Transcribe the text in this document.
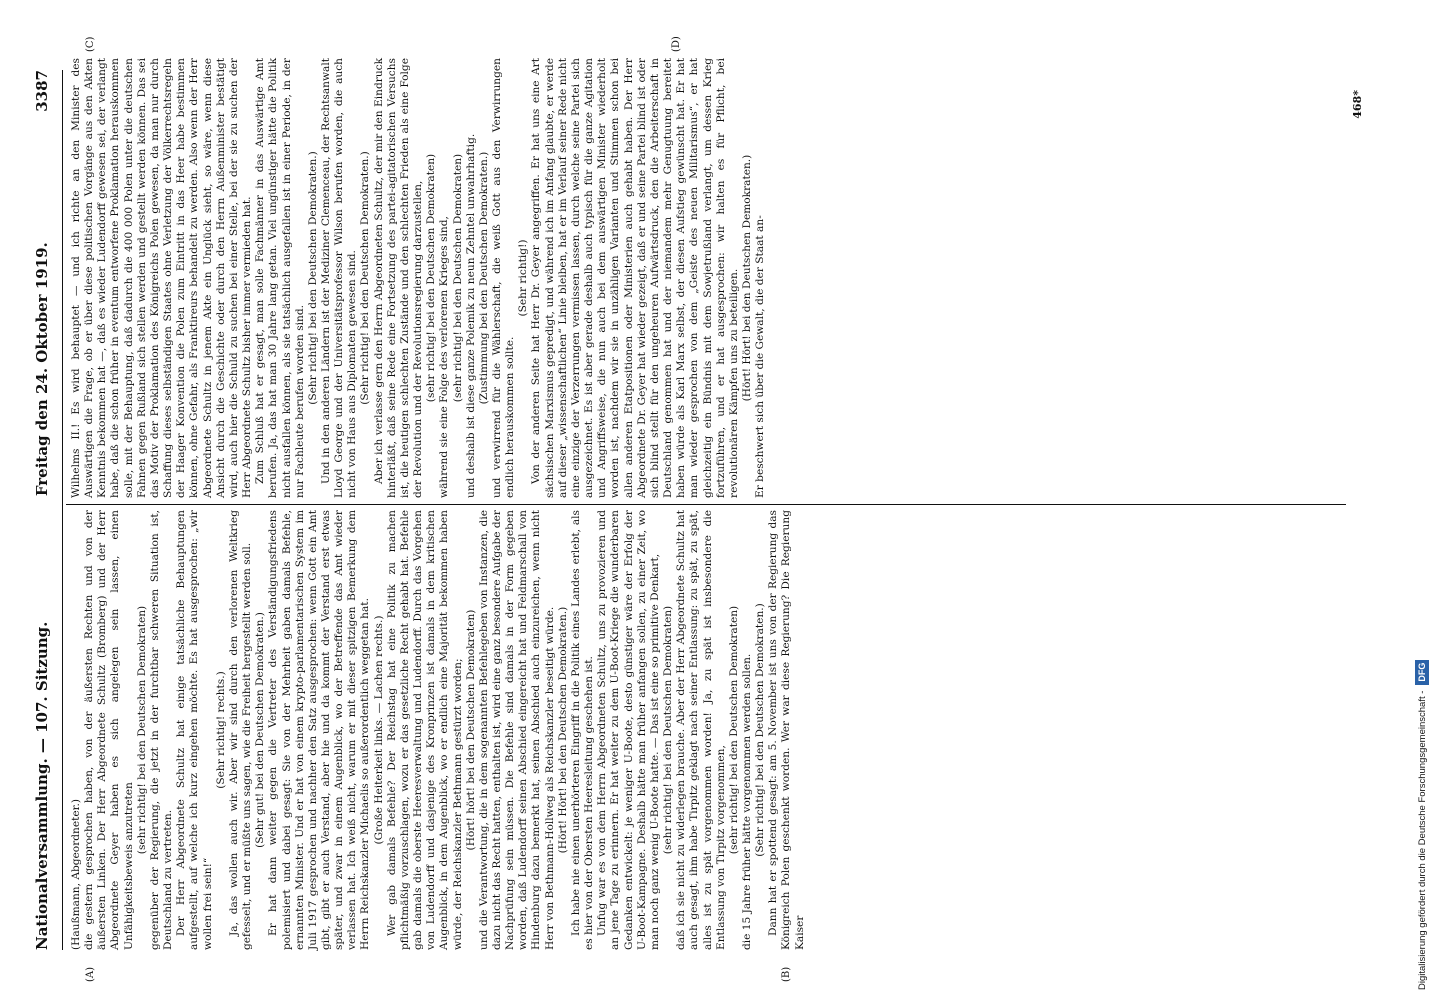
Nationalversammlung. — 107. Sitzung.
Freitag den 24. Oktober 1919.  3387
(A)	(B)
(C)	(D)

(Haußmann, Abgeordneter.) die gestern gesprochen haben, von der äußersten Rechten und von der äußersten Linken. Der Herr Abgeordnete Schultz (Bromberg) und der Herr Abgeordnete Geyer haben es sich angelegen sein lassen, einen Unfähigkeitsbeweis anzutreten

(sehr richtig! bei den Deutschen Demokraten) gegenüber der Regierung, die jetzt in der furchtbar schweren Situation ist, Deutschland zu vertreten. Der Herr Abgeordnete Schultz hat einige tatsächliche Behauptungen aufgestellt, auf welche ich kurz eingehen möchte. Es hat ausgesprochen: „wir wollen frei sein!“

(Sehr richtig! rechts.) Ja, das wollen auch wir. Aber wir sind durch den verlorenen Weltkrieg gefesselt, und er müßte uns sagen, wie die Freiheit hergestellt werden soll. (Sehr gut! bei den Deutschen Demokraten.) Er hat dann weiter gegen die Vertreter des Verständigungsfriedens polemisiert und dabei gesagt: Sie von der Mehrheit gaben damals Befehle, ernannten Minister. Und er hat von einem krypto-parlamentarischen System im Juli 1917 gesprochen und nachher den Satz ausgesprochen: wenn Gott ein Amt gibt, gibt er auch Verstand, aber hie und da kommt der Verstand erst etwas später, und zwar in einem Augenblick, wo der Betreffende das Amt wieder verlassen hat. Ich weiß nicht, warum er mit dieser spitzigen Bemerkung dem Herrn Reichskanzler Michaelis so außerordentlich weggetan hat. (Große Heiterkeit links. — Lachen rechts.) Wer gab damals Befehle? Der Reichstag hat eine Politik zu machen pflichtmäßig vorzuschlagen, wozu er das gesetzliche Recht gehabt hat. Befehle gab damals die oberste Heeresverwaltung und Ludendorff. Durch das Vorgehen von Ludendorff und dasjenige des Kronprinzen ist damals in dem kritischen Augenblick, in dem Augenblick, wo er endlich eine Majorität bekommen haben würde, der Reichskanzler Bethmann gestürzt worden; (Hört! hört! bei den Deutschen Demokraten) und die Verantwortung, die in dem sogenannten Befehlegeben von Instanzen, die dazu nicht das Recht hatten, enthalten ist, wird eine ganz besondere Aufgabe der Nachprüfung sein müssen. Die Befehle sind damals in der Form gegeben worden, daß Ludendorff seinen Abschied eingereicht hat und Feldmarschall von Hindenburg dazu bemerkt hat, seinen Abschied auch einzureichen, wenn nicht Herr von Bethmann-Hollweg als Reichskanzler beseitigt würde. (Hört! Hört! bei den Deutschen Demokraten.) Ich habe nie einen unerhörteren Eingriff in die Politik eines Landes erlebt, als es hier von der Obersten Heeresleitung geschehen ist. Unfug war es von dem Herrn Abgeordneten Schultz, uns zu provozieren und an jene Tage zu erinnern. Er hat weiter zu dem U-Boot-Kriege die wunderbaren Gedanken entwickelt: je weniger U-Boote, desto günstiger wäre der Erfolg der U-Boot-Kampagne. Deshalb hätte man früher anfangen sollen, zu einer Zeit, wo man noch ganz wenig U-Boote hatte. — Das ist eine so primitive Denkart, (sehr richtig! bei den Deutschen Demokraten) daß ich sie nicht zu widerlegen brauche. Aber der Herr Abgeordnete Schultz hat auch gesagt, ihm habe Tirpitz geklagt nach seiner Entlassung: zu spät, zu spät, alles ist zu spät vorgenommen worden! Ja, zu spät ist insbesondere die Entlassung von Tirpitz vorgenommen, (sehr richtig! bei den Deutschen Demokraten) die 15 Jahre früher hätte vorgenommen werden sollen. (Sehr richtig! bei den Deutschen Demokraten.) Dann hat er spottend gesagt: am 5. November ist uns von der Regierung das Königreich Polen geschenkt worden. Wer war diese Regierung? Die Regierung Kaiser

Wilhelms II.! Es wird behauptet — und ich richte an den Minister des Auswärtigen die Frage, ob er über diese politischen Vorgänge aus den Akten Kenntnis bekommen hat —, daß es wieder Ludendorff gewesen sei, der verlangt habe, daß die schon früher in eventum entworfene Proklamation herauskommen solle, mit der Behauptung, daß dadurch die 400 000 Polen unter die deutschen Fahnen gegen Rußland sich stellen werden und gestellt werden können. Das sei das Motiv der Proklamation des Königreichs Polen gewesen, da man nur durch Schaffung dieses selbständigen Staates ohne Verletzung der Völkerrechtsregeln der Haager Konvention die Polen zum Eintritt in das Heer habe bestimmen können, ohne Gefahr, als Franktireurs behandelt zu werden. Also wenn der Herr Abgeordnete Schultz in jenem Akte ein Unglück sieht, so wäre, wenn diese Ansicht durch die Geschichte oder durch den Herrn Außenminister bestätigt wird, auch hier die Schuld zu suchen bei einer Stelle, bei der sie zu suchen der Herr Abgeordnete Schultz bisher immer vermieden hat. Zum Schluß hat er gesagt, man solle Fachmänner in das Auswärtige Amt berufen. Ja, das hat man 30 Jahre lang getan. Viel ungünstiger hätte die Politik nicht ausfallen können, als sie tatsächlich ausgefallen ist in einer Periode, in der nur Fachleute berufen worden sind. (Sehr richtig! bei den Deutschen Demokraten.) Und in den anderen Ländern ist der Mediziner Clemenceau, der Rechtsanwalt Lloyd George und der Universitätsprofessor Wilson berufen worden, die auch nicht von Haus aus Diplomaten gewesen sind. (Sehr richtig! bei den Deutschen Demokraten.) Aber ich verlasse gern den Herrn Abgeordneten Schultz, der mir den Eindruck hinterläßt, daß seine Rede eine Fortsetzung des partei-agitatorischen Versuchs ist, die heutigen schlechten Zustände und den schlechten Frieden als eine Folge der Revolution und der Revolutionsregierung darzustellen, (sehr richtig! bei den Deutschen Demokraten) während sie eine Folge des verlorenen Krieges sind, (sehr richtig! bei den Deutschen Demokraten) und deshalb ist diese ganze Polemik zu neun Zehntel unwahrhaftig. (Zustimmung bei den Deutschen Demokraten.) und verwirrend für die Wählerschaft, die weiß Gott aus den Verwirrungen endlich herauskommen sollte.

(Sehr richtig!) Von der anderen Seite hat Herr Dr. Geyer angegriffen. Er hat uns eine Art sächsischen Marxismus gepredigt, und während ich im Anfang glaubte, er werde auf dieser „wissenschaftlichen“ Linie bleiben, hat er im Verlauf seiner Rede nicht eine einzige der Verzerrungen vermissen lassen, durch welche seine Partei sich ausgezeichnet. Es ist aber gerade deshalb auch typisch für die ganze Agitation und Angriffsweise, die nun auch bei dem auswärtigen Minister wiederholt worden ist, nachdem wir sie in unzähligen Varianten und Stimmen schon bei allen anderen Etatpositionen oder Ministerien auch gehabt haben. Der Herr Abgeordnete Dr. Geyer hat wieder gezeigt, daß er und seine Partei blind ist oder sich blind stellt für den ungeheuren Aufwärtsdruck, den die Arbeiterschaft in Deutschland genommen hat und der niemandem mehr Genugtuung bereitet haben würde als Karl Marx selbst, der diesen Aufstieg gewünscht hat. Er hat man wieder gesprochen von dem „Geiste des neuen Militarismus“, er hat gleichzeitig ein Bündnis mit dem Sowjetrußland verlangt, um dessen Krieg fortzuführen, und er hat ausgesprochen: wir halten es für Pflicht, bei revolutionären Kämpfen uns zu beteiligen. (Hört! Hört! bei den Deutschen Demokraten.) Er beschwert sich über die Gewalt, die der Staat an-

468*
Digitalisierung gefördert durch die Deutsche Forschungsgemeinschaft -DFG
